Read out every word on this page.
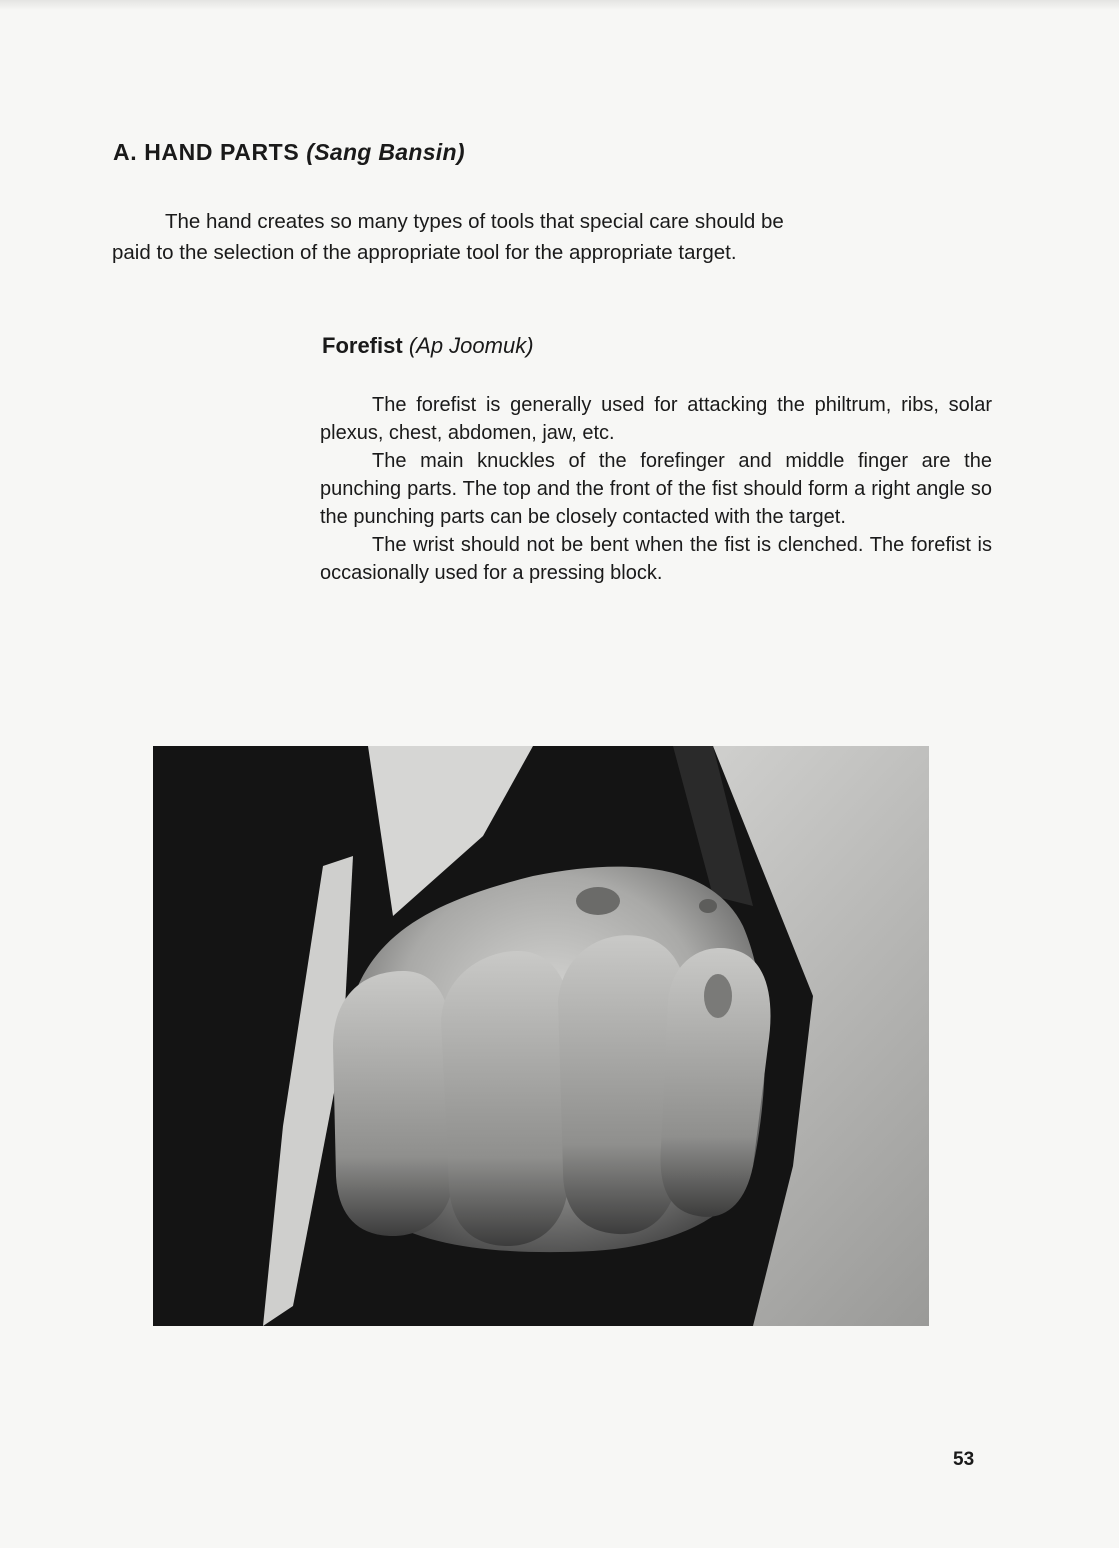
A. HAND PARTS (Sang Bansin)

The hand creates so many types of tools that special care should be paid to the selection of the appropriate tool for the appropriate target.

Forefist (Ap Joomuk)

The forefist is generally used for attacking the philtrum, ribs, solar plexus, chest, abdomen, jaw, etc.

The main knuckles of the forefinger and middle finger are the punching parts. The top and the front of the fist should form a right angle so the punching parts can be closely contacted with the target.

The wrist should not be bent when the fist is clenched. The forefist is occasionally used for a pressing block.

53
